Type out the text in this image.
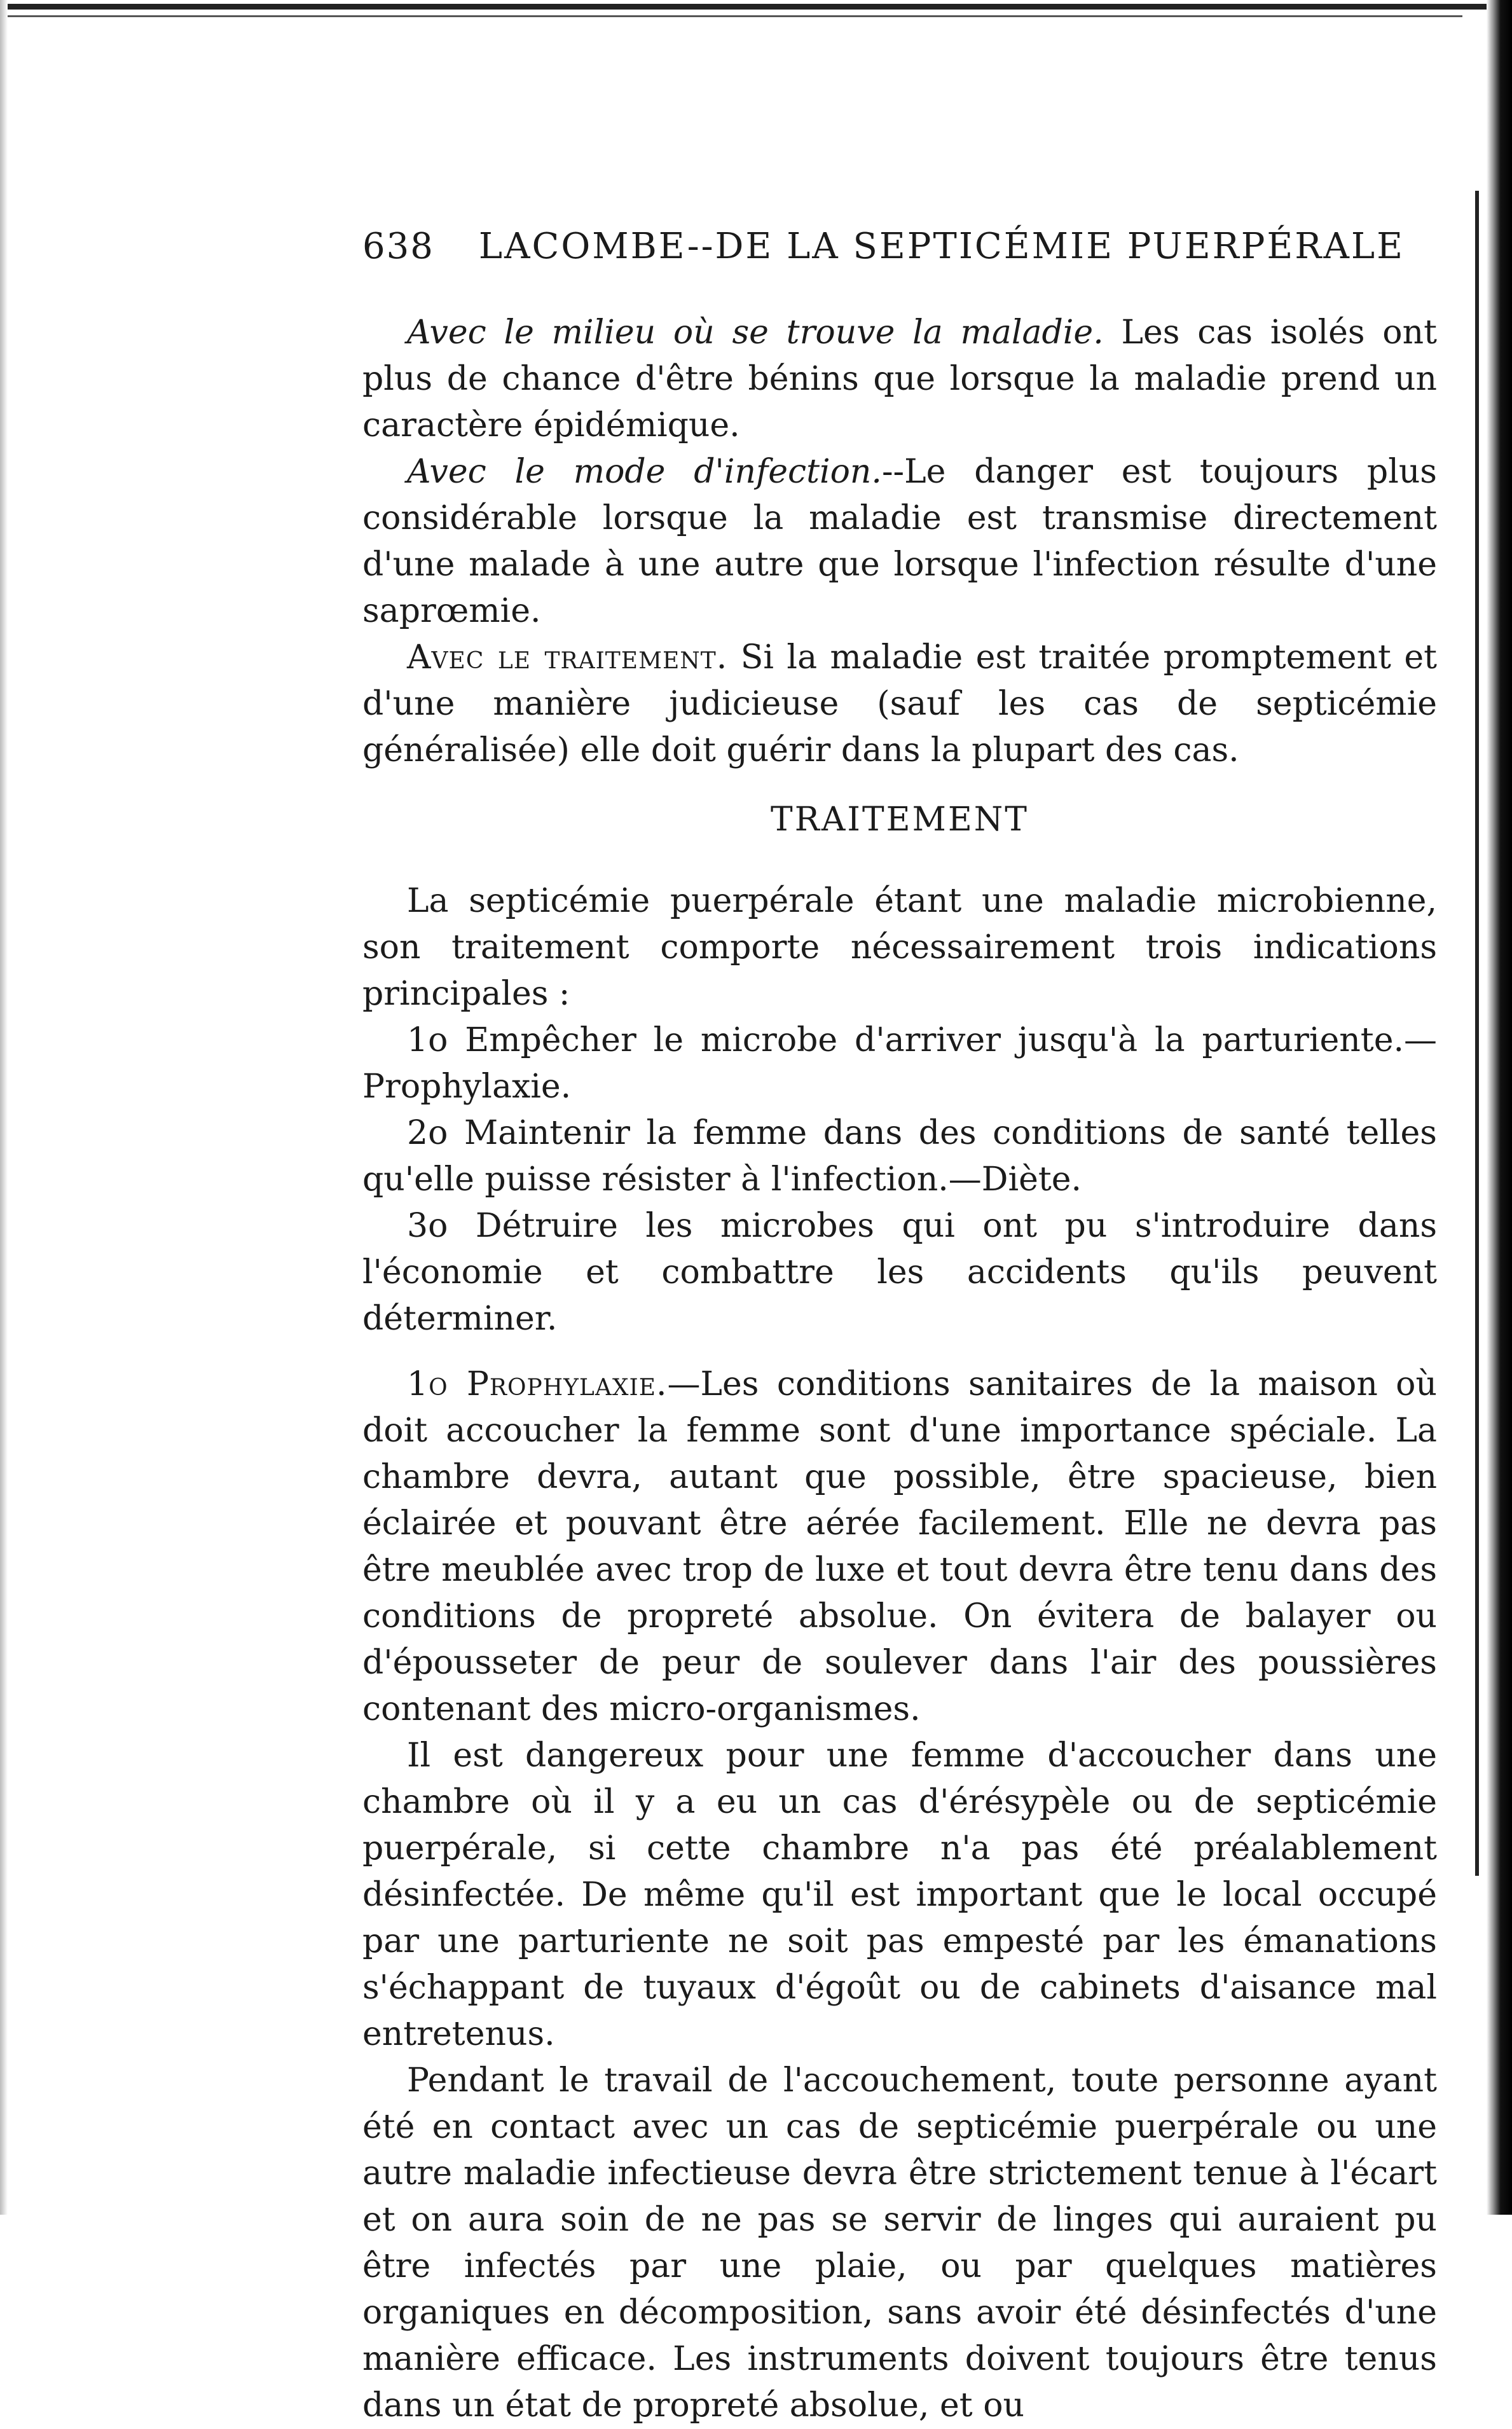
638 LACOMBE--DE LA SEPTICÉMIE PUERPÉRALE

Avec le milieu où se trouve la maladie. Les cas isolés ont plus de chance d'être bénins que lorsque la maladie prend un caractère épidémique.

Avec le mode d'infection.--Le danger est toujours plus considérable lorsque la maladie est transmise directement d'une malade à une autre que lorsque l'infection résulte d'une saprœmie.

Avec le traitement. Si la maladie est traitée promptement et d'une manière judicieuse (sauf les cas de septicémie généralisée) elle doit guérir dans la plupart des cas.

TRAITEMENT

La septicémie puerpérale étant une maladie microbienne, son traitement comporte nécessairement trois indications principales :

1o Empêcher le microbe d'arriver jusqu'à la parturiente.— Prophylaxie.

2o Maintenir la femme dans des conditions de santé telles qu'elle puisse résister à l'infection.—Diète.

3o Détruire les microbes qui ont pu s'introduire dans l'économie et combattre les accidents qu'ils peuvent déterminer.

1o Prophylaxie.—Les conditions sanitaires de la maison où doit accoucher la femme sont d'une importance spéciale. La chambre devra, autant que possible, être spacieuse, bien éclairée et pouvant être aérée facilement. Elle ne devra pas être meublée avec trop de luxe et tout devra être tenu dans des conditions de propreté absolue. On évitera de balayer ou d'épousseter de peur de soulever dans l'air des poussières contenant des micro-organismes.

Il est dangereux pour une femme d'accoucher dans une chambre où il y a eu un cas d'érésypèle ou de septicémie puerpérale, si cette chambre n'a pas été préalablement désinfectée. De même qu'il est important que le local occupé par une parturiente ne soit pas empesté par les émanations s'échappant de tuyaux d'égoût ou de cabinets d'aisance mal entretenus.

Pendant le travail de l'accouchement, toute personne ayant été en contact avec un cas de septicémie puerpérale ou une autre maladie infectieuse devra être strictement tenue à l'écart et on aura soin de ne pas se servir de linges qui auraient pu être infectés par une plaie, ou par quelques matières organiques en décomposition, sans avoir été désinfectés d'une manière efficace. Les instruments doivent toujours être tenus dans un état de propreté absolue, et ou
